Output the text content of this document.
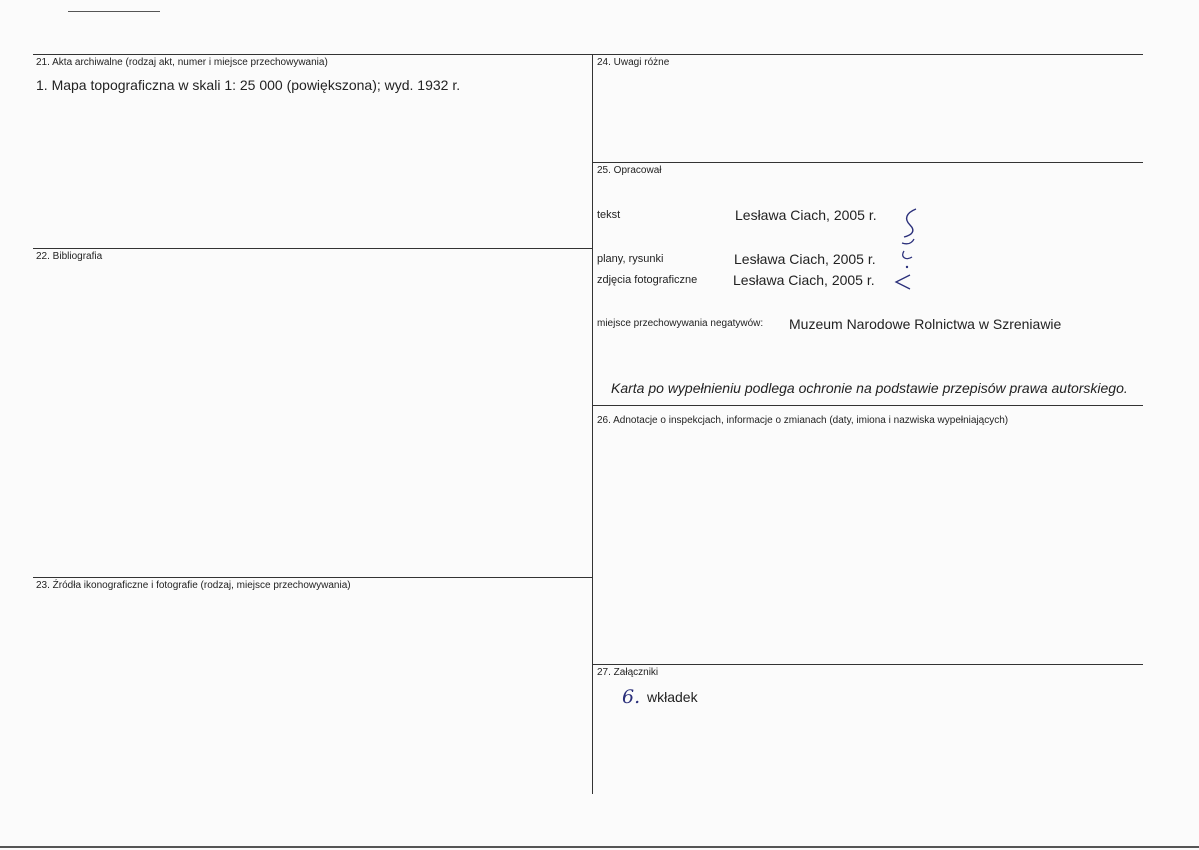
21. Akta archiwalne (rodzaj akt, numer i miejsce przechowywania)
1. Mapa topograficzna w skali 1: 25 000 (powiększona); wyd. 1932 r.
22. Bibliografia
23. Źródła ikonograficzne i fotografie (rodzaj, miejsce przechowywania)
24. Uwagi różne
25. Opracował
tekst	Lesława Ciach, 2005 r.
plany, rysunki	Lesława Ciach, 2005 r.
zdjęcia fotograficzne	Lesława Ciach, 2005 r.
miejsce przechowywania negatywów: Muzeum Narodowe Rolnictwa w Szreniawie
Karta po wypełnieniu podlega ochronie na podstawie przepisów prawa autorskiego.
26. Adnotacje o inspekcjach, informacje o zmianach (daty, imiona i nazwiska wypełniających)
27. Załączniki
6. wkładek
